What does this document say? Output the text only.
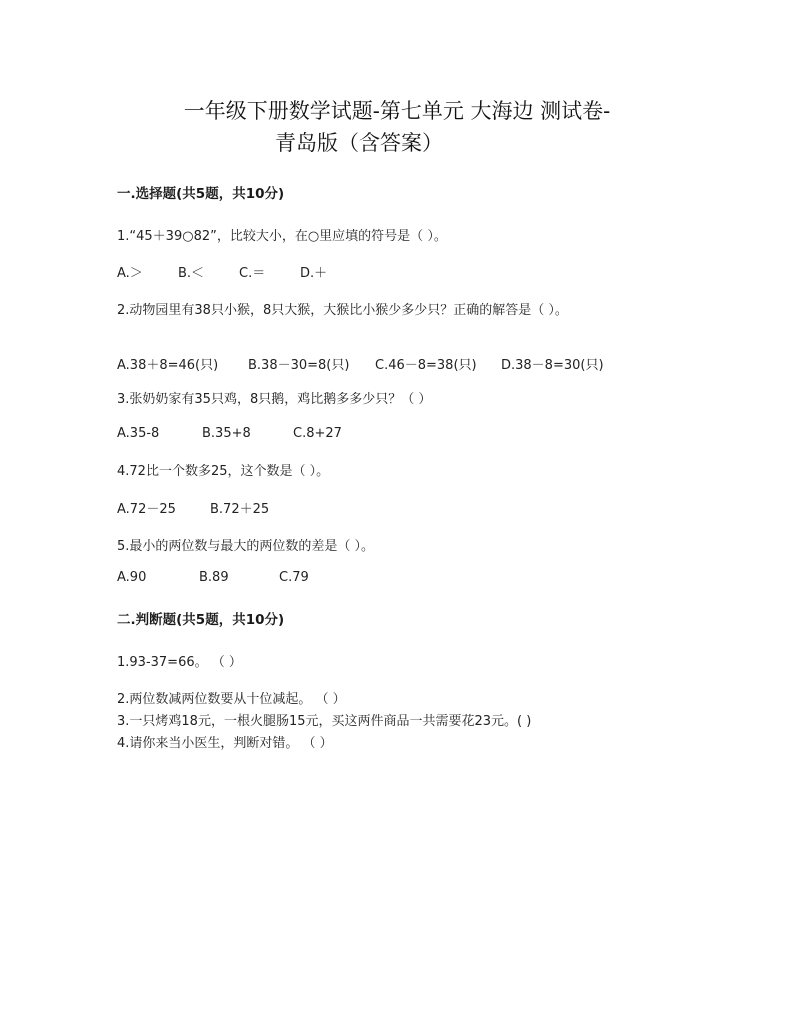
一年级下册数学试题-第七单元 大海边 测试卷-
青岛版（含答案）
一.选择题(共5题，共10分)
1.“45＋39○82”，比较大小，在○里应填的符号是（ ）。
A.＞	B.＜	C.＝	D.＋
2.动物园里有38只小猴，8只大猴，大猴比小猴少多少只？正确的解答是（ ）。
A.38＋8=46(只) B.38－30=8(只) C.46－8=38(只) D.38－8=30(只)
3.张奶奶家有35只鸡，8只鹅，鸡比鹅多多少只？（ ）
A.35-8	B.35+8	C.8+27
4.72比一个数多25，这个数是（ ）。
A.72－25	B.72＋25
5.最小的两位数与最大的两位数的差是（ ）。
A.90	B.89	C.79
二.判断题(共5题，共10分)
1.93-37=66。 （ ）
2.两位数减两位数要从十位减起。 （ ）
3.一只烤鸡18元，一根火腿肠15元，买这两件商品一共需要花23元。( )
4.请你来当小医生，判断对错。 （ ）
